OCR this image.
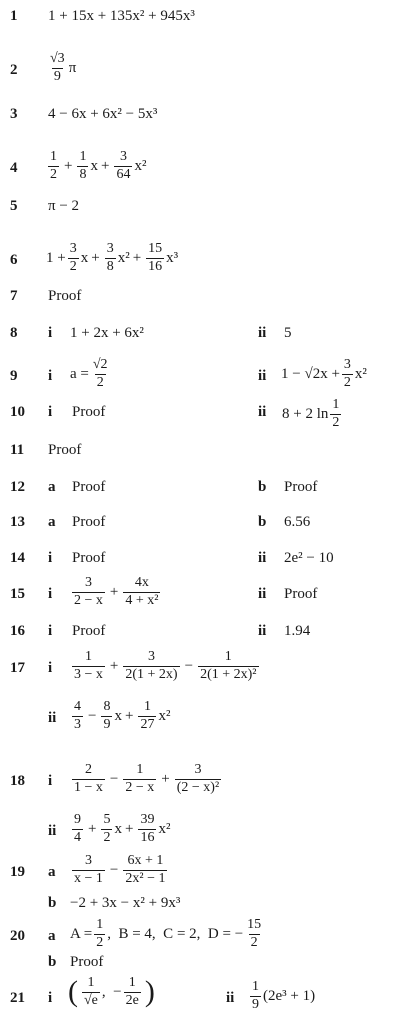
1 1 + 15x + 135x² + 945x³
$2 \frac{√3}{9}$ π
3 4 − 6x + 6x² − 5x³
$4 \frac{1}{2} + \frac{1}{8}$ $x + \frac{3}{64} x^2$
5 π − 2
6 $1 + \frac{3}{2}$ $x + \frac{3}{8} x^2 + \frac{15}{16} x^3$
7 Proof
8 i 1 + 2x + 6x²	ii 5
9 i $a = \frac{√2}{2}$	ii $1 - √2x + \frac{3}{2} x^2$
10 i Proof	ii 8 + 2 $\ln \frac{1}{2}$
11 Proof
12 a Proof	b Proof
13 a Proof	b 6.56
14 i Proof	ii 2e² − 10
15 i $\frac{3}{2 - x} + \frac{4x}{\text{4 + x²}}$	ii Proof
16 i Proof	ii 1.94
17 i $\frac{1}{3 - x} + \frac{3}{2(1 + 2x)} - \frac{1}{\text{2(1 + 2x)²}}$
ii $\frac{4}{3} - \frac{8}{9}$ $x + \frac{1}{27} x^2$
18 i $\frac{2}{1 - x} - \frac{1}{2 - x} + \frac{3}{\text{(2 − x)²}}$
ii $\frac{9}{4} + \frac{5}{2}$ $x + \frac{39}{16} x^2$
19 a $\frac{3}{x - 1} - \frac{6x + 1}{\text{2x² − 1}}$
b −2 + 3x − x² + 9x³
20 a $A = \frac{1}{2}$ ,  B = 4,  C = 2,  D = − $\frac{15}{2}$
b Proof
21 i ( $\frac{1}{√e}$ ,  − $\frac{1}{2e}$ )	ii $\frac{1}{9} (2e^3 + 1)$
